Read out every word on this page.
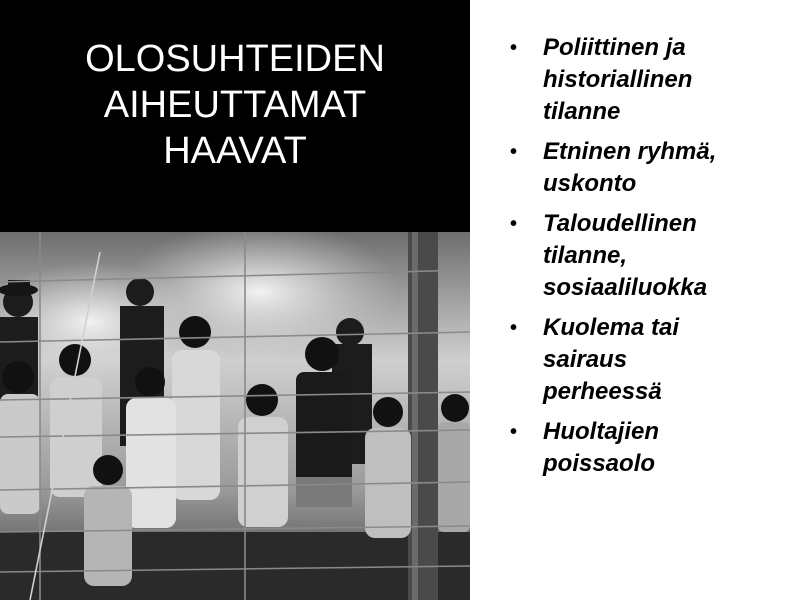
OLOSUHTEIDEN
AIHEUTTAMAT
HAAVAT
• Poliittinen ja
historiallinen
tilanne
• Etninen ryhmä,
uskonto
• Taloudellinen
tilanne,
sosiaaliluokka
• Kuolema tai
sairaus
perheessä
• Huoltajien
poissaolo
